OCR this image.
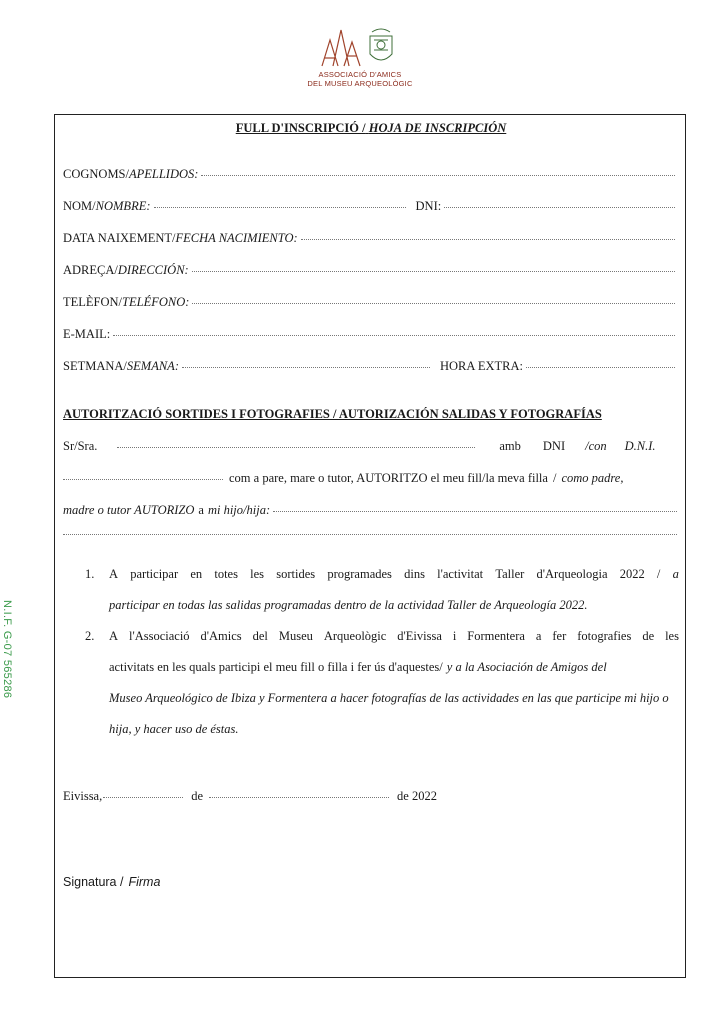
ASSOCIACIÓ D'AMICS
DEL MUSEU ARQUEOLÒGIC
N.I.F. G-07 565286
FULL D'INSCRIPCIÓ / HOJA DE INSCRIPCIÓN
COGNOMS/ APELLIDOS:
NOM/ NOMBRE:	DNI:
DATA NAIXEMENT/ FECHA NACIMIENTO:
ADREÇA/ DIRECCIÓN:
TELÈFON/ TELÉFONO:
E-MAIL:
SETMANA/ SEMANA:	HORA EXTRA:
AUTORITZACIÓ SORTIDES I FOTOGRAFIES / AUTORIZACIÓN SALIDAS Y FOTOGRAFÍAS
Sr/Sra.	amb DNI /con D.N.I.
com a pare, mare o tutor, AUTORITZO el meu fill/la meva filla / como padre,
madre o tutor AUTORIZO a mi hijo/hija:
1. A participar en totes les sortides programades dins l'activitat Taller d'Arqueologia 2022 / a
participar en todas las salidas programadas dentro de la actividad Taller de Arqueología 2022.
2. A l'Associació d'Amics del Museu Arqueològic d'Eivissa i Formentera a fer fotografies de les
activitats en les quals participi el meu fill o filla i fer ús d'aquestes/ y a la Asociación de Amigos del
Museo Arqueológico de Ibiza y Formentera a hacer fotografías de las actividades en las que participe mi hijo o
hija, y hacer uso de éstas.
Eivissa,	de	de 2022
Signatura / Firma
